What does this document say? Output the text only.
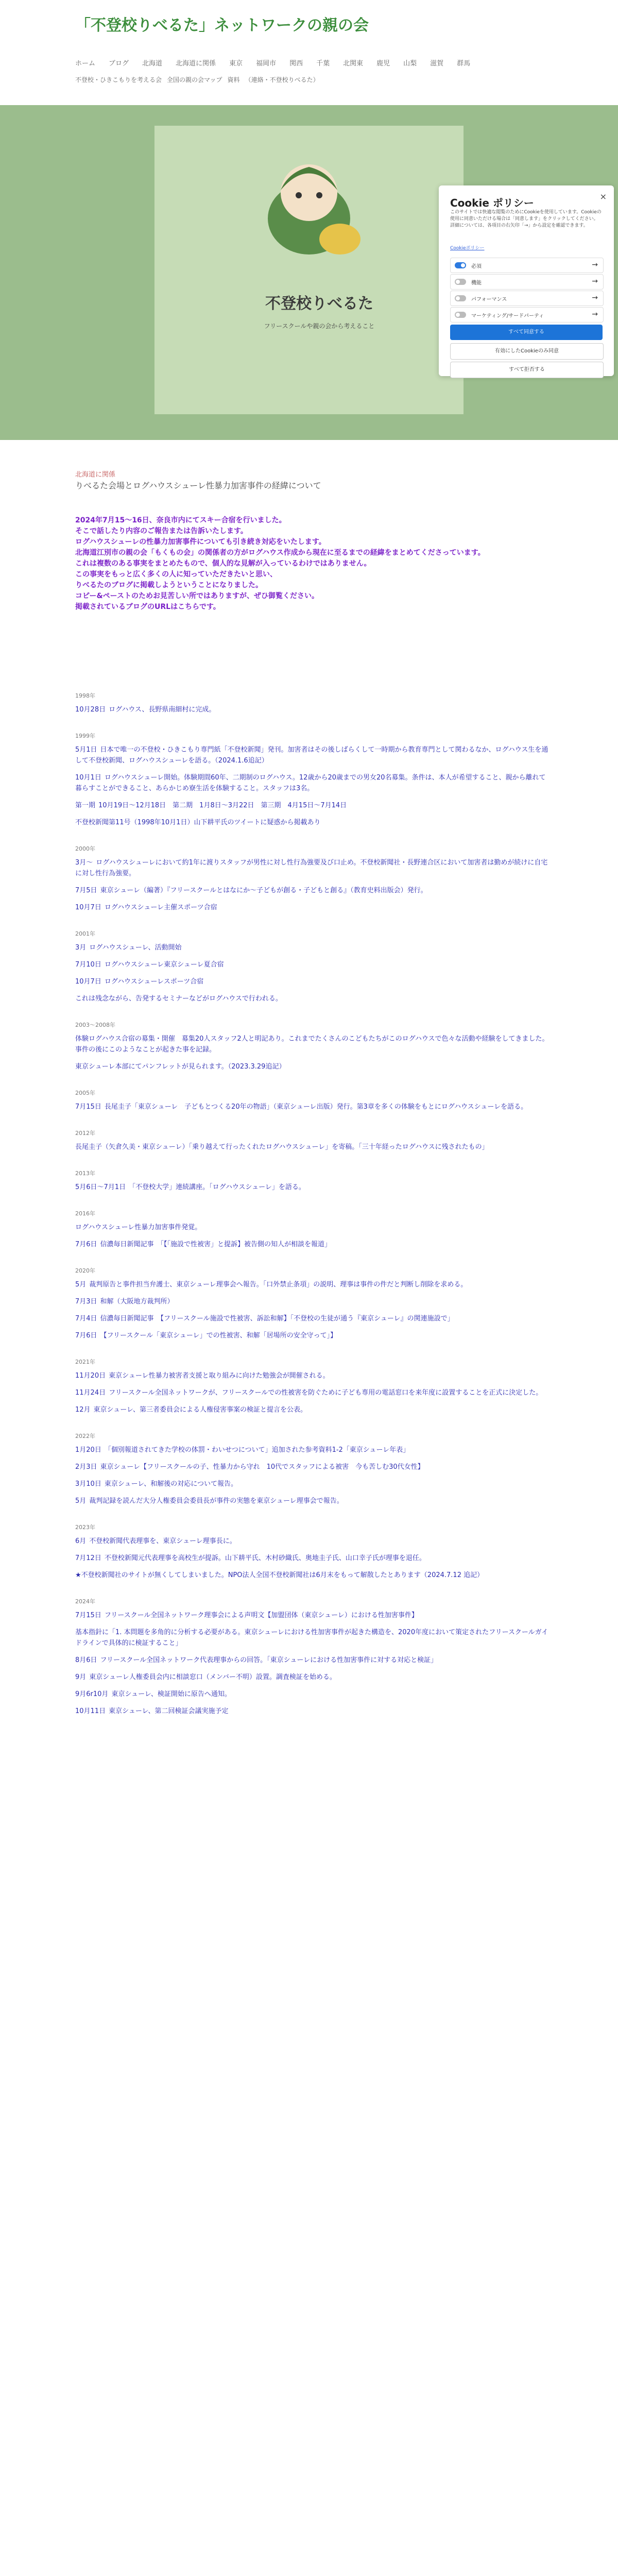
「不登校りべるた」ネットワークの親の会
ホーム ブログ 北海道 北海道に関係 東京 福岡市 関西 千葉 北関東 鹿児 山梨 滋賀 群馬
不登校・ひきこもりを考える会 全国の親の会マップ 資料 （連絡・不登校りべるた）
不登校りべるた
フリースクールや親の会から考えること
北海道に関係
りべるた会場とログハウスシューレ性暴力加害事件の経緯について

2024年7月15〜16日、奈良市内にてスキー合宿を行いました。

そこで話したり内容のご報告または告訴いたします。

ログハウスシューレの性暴力加害事件についても引き続き対応をいたします。

北海道江別市の親の会「もくもの会」の関係者の方がログハウス作成から現在に至るまでの経緯をまとめてくださっています。

これは複数のある事実をまとめたもので、個人的な見解が入っているわけではありません。

この事実をもっと広く多くの人に知っていただきたいと思い、

りべるたのブログに掲載しようということになりました。

コピー&ペーストのためお見苦しい所ではありますが、ぜひ御覧ください。

掲載されているブログのURLはこちらです。

1998年

10月28日 ログハウス、長野県南細村に完成。

1999年

5月1日 日本で唯一の不登校・ひきこもり専門紙「不登校新聞」発刊。加害者はその後しばらくして一時期から教育専門として関わるなか、ログハウス生を通して不登校新聞、ログハウスシューレを語る。（2024.1.6追記）

10月1日 ログハウスシューレ開始。体験期間60年、二期制のログハウス。12歳から20歳までの男女20名募集。条件は、本人が希望すること、親から離れて暮らすことができること、あらかじめ寮生活を体験すること。スタッフは3名。

第一期 10月19日〜12月18日　第二期　1月8日〜3月22日　第三期　4月15日〜7月14日

不登校新聞第11号（1998年10月1日）山下耕平氏のツイートに疑惑から掲載あり

2000年

3月〜 ログハウスシューレにおいて約1年に渡りスタッフが男性に対し性行為強要及び口止め。不登校新聞社・長野連合区において加害者は勤めが続けに自宅に対し性行為強要。

7月5日 東京シューレ（編著）『フリースクールとはなにか〜子どもが創る・子どもと創る』（教育史料出版会）発行。

10月7日 ログハウスシューレ主催スポーツ合宿

2001年

3月 ログハウスシューレ、活動開始

7月10日 ログハウスシューレ東京シューレ夏合宿

10月7日 ログハウスシューレスポーツ合宿

これは残念ながら、告発するセミナーなどがログハウスで行われる。

2003〜2008年

体験ログハウス合宿の募集・開催　募集20人スタッフ2人と明記あり。これまでたくさんのこどもたちがこのログハウスで色々な活動や経験をしてきました。事件の後にこのようなことが起きた事を記録。

東京シューレ本部にてパンフレットが見られます。（2023.3.29追記）

2005年

7月15日 長尾圭子「東京シューレ　子どもとつくる20年の物語」（東京シューレ出版）発行。第3章を多くの体験をもとにログハウスシューレを語る。

2012年

長尾圭子（矢倉久美・東京シューレ）「乗り越えて行ったくれたログハウスシューレ」を寄稿。「三十年経ったログハウスに残されたもの」

2013年

5月6日〜7月1日 「不登校大学」連続講座。「ログハウスシューレ」を語る。

2016年

ログハウスシューレ性暴力加害事件発覚。

7月6日 信濃毎日新聞記事　「【「施設で性被害」と提訴】被告側の知人が相談を報道」

2020年

5月 裁判原告と事件担当弁護士、東京シューレ理事会へ報告。「口外禁止条項」の説明、理事は事件の件だと判断し削除を求める。

7月3日 和解（大阪地方裁判所）

7月4日 信濃毎日新聞記事　【フリースクール施設で性被害、訴訟和解】「不登校の生徒が通う『東京シューレ』の関連施設で」

7月6日 【フリースクール「東京シューレ」での性被害、和解「居場所の安全守って」】

2021年

11月20日 東京シューレ性暴力被害者支援と取り組みに向けた勉強会が開催される。

11月24日 フリースクール全国ネットワークが、フリースクールでの性被害を防ぐために子ども専用の電話窓口を来年度に設置することを正式に決定した。

12月 東京シューレ、第三者委員会による人権侵害事案の検証と提言を公表。

2022年

1月20日 「個別報道されてきた学校の体罰・わいせつについて」追加された参考資料1-2「東京シューレ年表」

2月3日 東京シューレ【フリースクールの子、性暴力から守れ　10代でスタッフによる被害　今も苦しむ30代女性】

3月10日 東京シューレ、和解後の対応について報告。

5月 裁判記録を読んだ大分人権委員会委員長が事件の実態を東京シューレ理事会で報告。

2023年

6月 不登校新聞代表理事を、東京シューレ理事長に。

7月12日 不登校新聞元代表理事を高校生が提訴。山下耕平氏、木村砂織氏、奥地圭子氏、山口幸子氏が理事を退任。

★不登校新聞社のサイトが無くしてしまいました。NPO法人全国不登校新聞社は6月末をもって解散したとあります（2024.7.12 追記）

2024年

7月15日 フリースクール全国ネットワーク理事会による声明文【加盟団体（東京シューレ）における性加害事件】

基本指針に「1. 本問題を多角的に分析する必要がある。東京シューレにおける性加害事件が起きた構造を、2020年度において策定されたフリースクールガイドラインで具体的に検証すること」

8月6日 フリースクール全国ネットワーク代表理事からの回答。「東京シューレにおける性加害事件に対する対応と検証」

9月 東京シューレ人権委員会内に相談窓口（メンバー不明）設置。調査検証を始める。

9月6r10月 東京シューレ、検証開始に原告へ通知。

10月11日 東京シューレ、第二回検証会議実施予定

Cookie ポリシー
×
このサイトでは快適な閲覧のためにCookieを使用しています。Cookieの使用に同意いただける場合は「同意します」をクリックしてください。詳細については、各項目の右矢印「→」から設定を確認できます。
Cookieポリシー
必須	→
機能	→
パフォーマンス	→
マーケティング/サードパーティ	→
すべて同意する
有効にしたCookieのみ同意
すべて拒否する
